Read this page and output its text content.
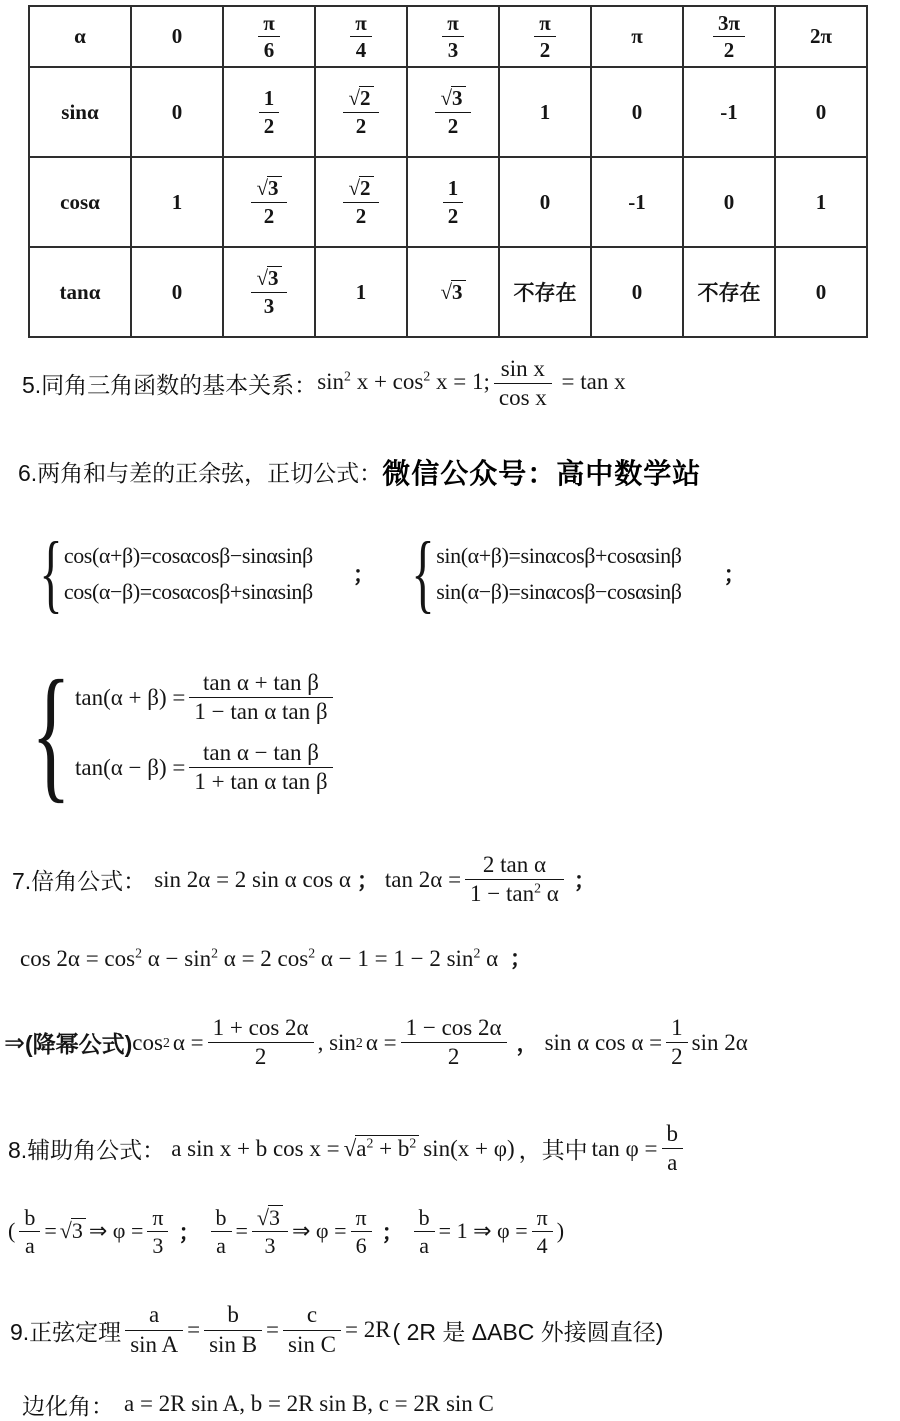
α	0	$\frac{\pi}{6}$	$\frac{\pi}{4}$	$\frac{\pi}{3}$	$\frac{\pi}{2}$	π	$\frac{3\pi}{2}$	2π
sinα	0	$\frac{1}{2}$	$\frac{√2}{2}$	$\frac{√3}{2}$	1	0	-1	0
cosα	1	$\frac{√3}{2}$	$\frac{√2}{2}$	$\frac{1}{2}$	0	-1	0	1
tanα	0	$\frac{√3}{3}$	1	√3	不存在	0	不存在	0
5.同角三角函数的基本关系： $\sin^2 x + \cos^2 x = 1$; $\frac{\text{sin x}}{\text{cos x}} = \tan x$
6.两角和与差的正余弦，正切公式： 微信公众号：高中数学站
{ cos(α+β)=cosαcosβ−sinαsinβ
cos(α−β)=cosαcosβ+sinαsinβ
； { sin(α+β)=sinαcosβ+cosαsinβ
sin(α−β)=sinαcosβ−cosαsinβ
；
{ $\tan(\alpha + \beta) = \frac{\text{tan α + tan β}}{\text{1 − tan α tan β}}$
$\tan(\alpha - \beta) = \frac{\text{tan α − tan β}}{\text{1 + tan α tan β}}$
7.倍角公式： sin 2α = 2 sin α cos α ； $\tan 2\alpha = \frac{\text{2 tan α}}{1 - \tan^2 \alpha}$ ；
$\cos 2\alpha = \cos^2 \alpha - \sin^2 \alpha = 2$ $\cos^2 \alpha - 1 = 1 - 2$ $\sin^2 \alpha$ ；
⇒ (降幂公式) cos 2 $\alpha = \frac{1 + \cos 2\alpha}{2}$ , sin 2 $\alpha = \frac{1 - \cos 2\alpha}{2}$ ， sin α $\cos \alpha = \frac{1}{2}$ sin 2α
8.辅助角公式： a sin x + b $\cos x = √a^2 + b^2$ sin(x + φ) ，其中 $\tan \varphi = \frac{b}{a}$
( $\frac{b}{a} = √3$ ⇒ $\varphi = \frac{\pi}{3}$ ； $\frac{b}{a} = \frac{√3}{3}$ ⇒ $\varphi = \frac{\pi}{6}$ ； $\frac{b}{a} = 1$ ⇒ $\varphi = \frac{\pi}{4}$ )
9.正弦定理 $\frac{a}{\text{sin A}} = \frac{b}{\text{sin B}} = \frac{c}{\text{sin C}} = 2R$ ( 2R 是 ΔABC 外接圆直径)
边化角： a = 2R sin A, b = 2R sin B, c = 2R sin C
